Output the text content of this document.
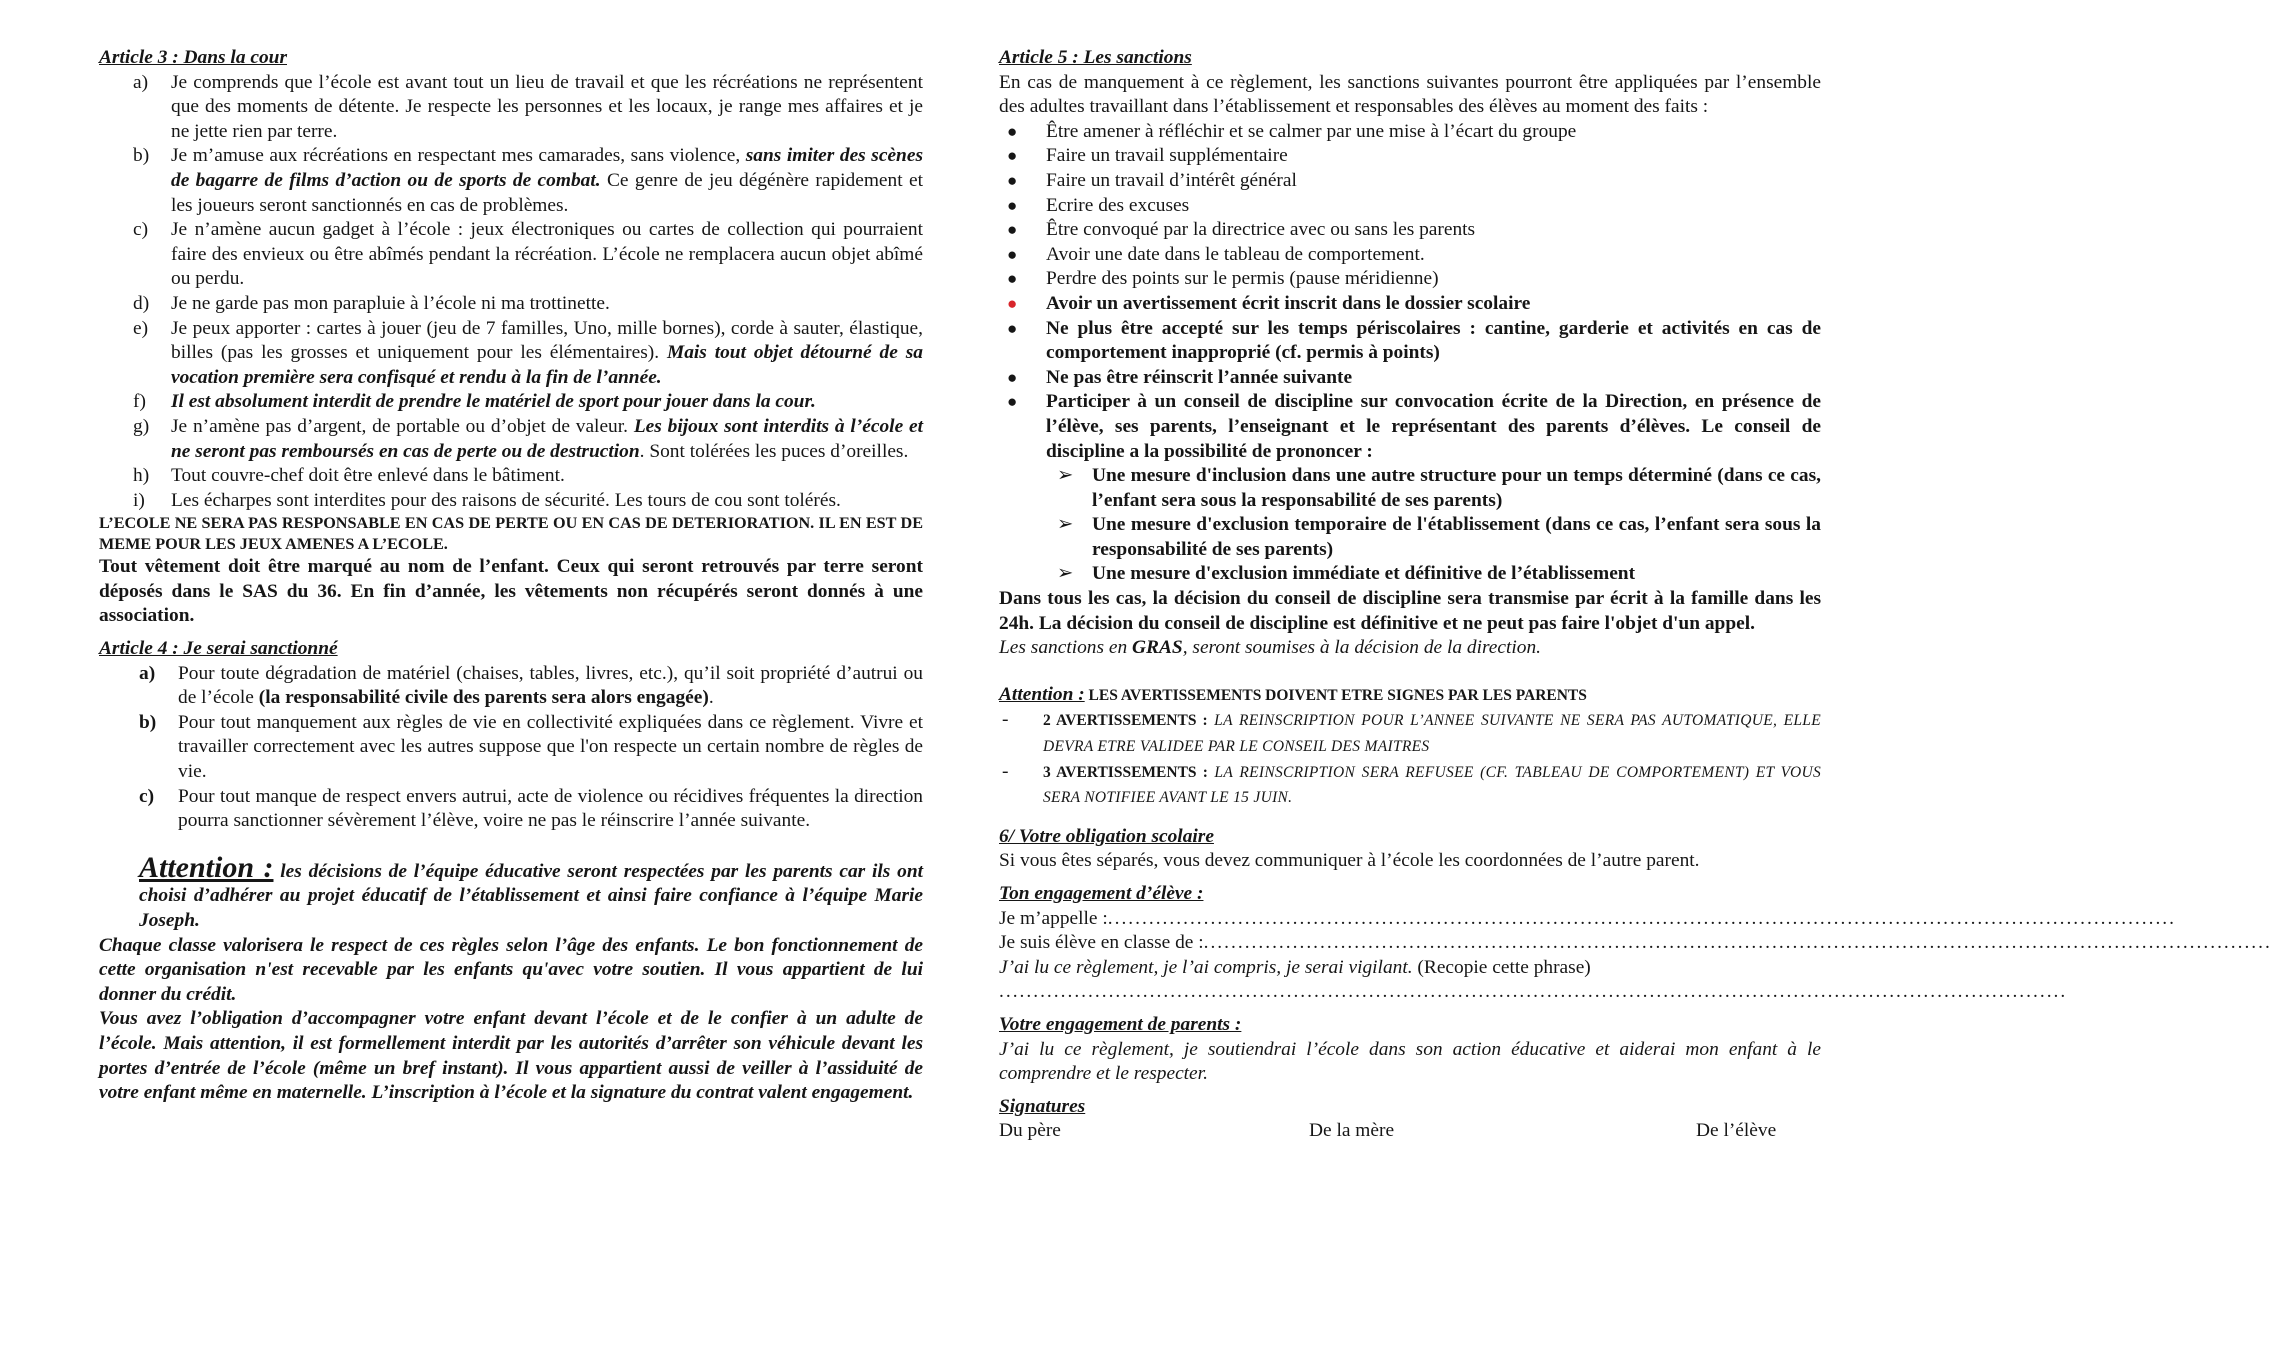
Article 3 : Dans la cour
a) Je comprends que l’école est avant tout un lieu de travail et que les récréations ne représentent que des moments de détente. Je respecte les personnes et les locaux, je range mes affaires et je ne jette rien par terre.
b) Je m’amuse aux récréations en respectant mes camarades, sans violence, sans imiter des scènes de bagarre de films d’action ou de sports de combat. Ce genre de jeu dégénère rapidement et les joueurs seront sanctionnés en cas de problèmes.
c) Je n’amène aucun gadget à l’école : jeux électroniques ou cartes de collection qui pourraient faire des envieux ou être abîmés pendant la récréation. L’école ne remplacera aucun objet abîmé ou perdu.
d) Je ne garde pas mon parapluie à l’école ni ma trottinette.
e) Je peux apporter : cartes à jouer (jeu de 7 familles, Uno, mille bornes), corde à sauter, élastique, billes (pas les grosses et uniquement pour les élémentaires). Mais tout objet détourné de sa vocation première sera confisqué et rendu à la fin de l’année.
f) Il est absolument interdit de prendre le matériel de sport pour jouer dans la cour.
g) Je n’amène pas d’argent, de portable ou d’objet de valeur. Les bijoux sont interdits à l’école et ne seront pas remboursés en cas de perte ou de destruction. Sont tolérées les puces d’oreilles.
h) Tout couvre-chef doit être enlevé dans le bâtiment.
i) Les écharpes sont interdites pour des raisons de sécurité. Les tours de cou sont tolérés.
L’ECOLE NE SERA PAS RESPONSABLE EN CAS DE PERTE OU EN CAS DE DETERIORATION. IL EN EST DE MEME POUR LES JEUX AMENES A L’ECOLE.
Tout vêtement doit être marqué au nom de l’enfant. Ceux qui seront retrouvés par terre seront déposés dans le SAS du 36. En fin d’année, les vêtements non récupérés seront donnés à une association.
Article 4 : Je serai sanctionné
a) Pour toute dégradation de matériel (chaises, tables, livres, etc.), qu’il soit propriété d’autrui ou de l’école (la responsabilité civile des parents sera alors engagée).
b) Pour tout manquement aux règles de vie en collectivité expliquées dans ce règlement. Vivre et travailler correctement avec les autres suppose que l'on respecte un certain nombre de règles de vie.
c) Pour tout manque de respect envers autrui, acte de violence ou récidives fréquentes la direction pourra sanctionner sévèrement l’élève, voire ne pas le réinscrire l’année suivante.
Attention : les décisions de l’équipe éducative seront respectées par les parents car ils ont choisi d’adhérer au projet éducatif de l’établissement et ainsi faire confiance à l’équipe Marie Joseph.
Chaque classe valorisera le respect de ces règles selon l’âge des enfants. Le bon fonctionnement de cette organisation n'est recevable par les enfants qu'avec votre soutien. Il vous appartient de lui donner du crédit.
Vous avez l’obligation d’accompagner votre enfant devant l’école et de le confier à un adulte de l’école. Mais attention, il est formellement interdit par les autorités d’arrêter son véhicule devant les portes d’entrée de l’école (même un bref instant). Il vous appartient aussi de veiller à l’assiduité de votre enfant même en maternelle. L’inscription à l’école et la signature du contrat valent engagement.
Article 5 : Les sanctions
En cas de manquement à ce règlement, les sanctions suivantes pourront être appliquées par l’ensemble des adultes travaillant dans l’établissement et responsables des élèves au moment des faits :
● Être amener à réfléchir et se calmer par une mise à l’écart du groupe
● Faire un travail supplémentaire
● Faire un travail d’intérêt général
● Ecrire des excuses
● Être convoqué par la directrice avec ou sans les parents
● Avoir une date dans le tableau de comportement.
● Perdre des points sur le permis (pause méridienne)
● Avoir un avertissement écrit inscrit dans le dossier scolaire
● Ne plus être accepté sur les temps périscolaires : cantine, garderie et activités en cas de comportement inapproprié (cf. permis à points)
● Ne pas être réinscrit l’année suivante
● Participer à un conseil de discipline sur convocation écrite de la Direction, en présence de l’élève, ses parents, l’enseignant et le représentant des parents d’élèves. Le conseil de discipline a la possibilité de prononcer :
➢ Une mesure d'inclusion dans une autre structure pour un temps déterminé (dans ce cas, l’enfant sera sous la responsabilité de ses parents)
➢ Une mesure d'exclusion temporaire de l'établissement (dans ce cas, l’enfant sera sous la responsabilité de ses parents)
➢ Une mesure d'exclusion immédiate et définitive de l’établissement
Dans tous les cas, la décision du conseil de discipline sera transmise par écrit à la famille dans les 24h. La décision du conseil de discipline est définitive et ne peut pas faire l'objet d'un appel.
Les sanctions en GRAS, seront soumises à la décision de la direction.
Attention : LES AVERTISSEMENTS DOIVENT ETRE SIGNES PAR LES PARENTS
- 2 AVERTISSEMENTS : LA REINSCRIPTION POUR L’ANNEE SUIVANTE NE SERA PAS AUTOMATIQUE, ELLE DEVRA ETRE VALIDEE PAR LE CONSEIL DES MAITRES
- 3 AVERTISSEMENTS : LA REINSCRIPTION SERA REFUSEE (CF. TABLEAU DE COMPORTEMENT) ET VOUS SERA NOTIFIEE AVANT LE 15 JUIN.
6/ Votre obligation scolaire
Si vous êtes séparés, vous devez communiquer à l’école les coordonnées de l’autre parent.
Ton engagement d’élève :
Je m’appelle : ............................................................................................................................................................
Je suis élève en classe de : ............................................................................................................................................................
J’ai lu ce règlement, je l’ai compris, je serai vigilant. (Recopie cette phrase)
............................................................................................................................................................
Votre engagement de parents :
J’ai lu ce règlement, je soutiendrai l’école dans son action éducative et aiderai mon enfant à le comprendre et le respecter.
Signatures
Du père	De la mère	De l’élève
